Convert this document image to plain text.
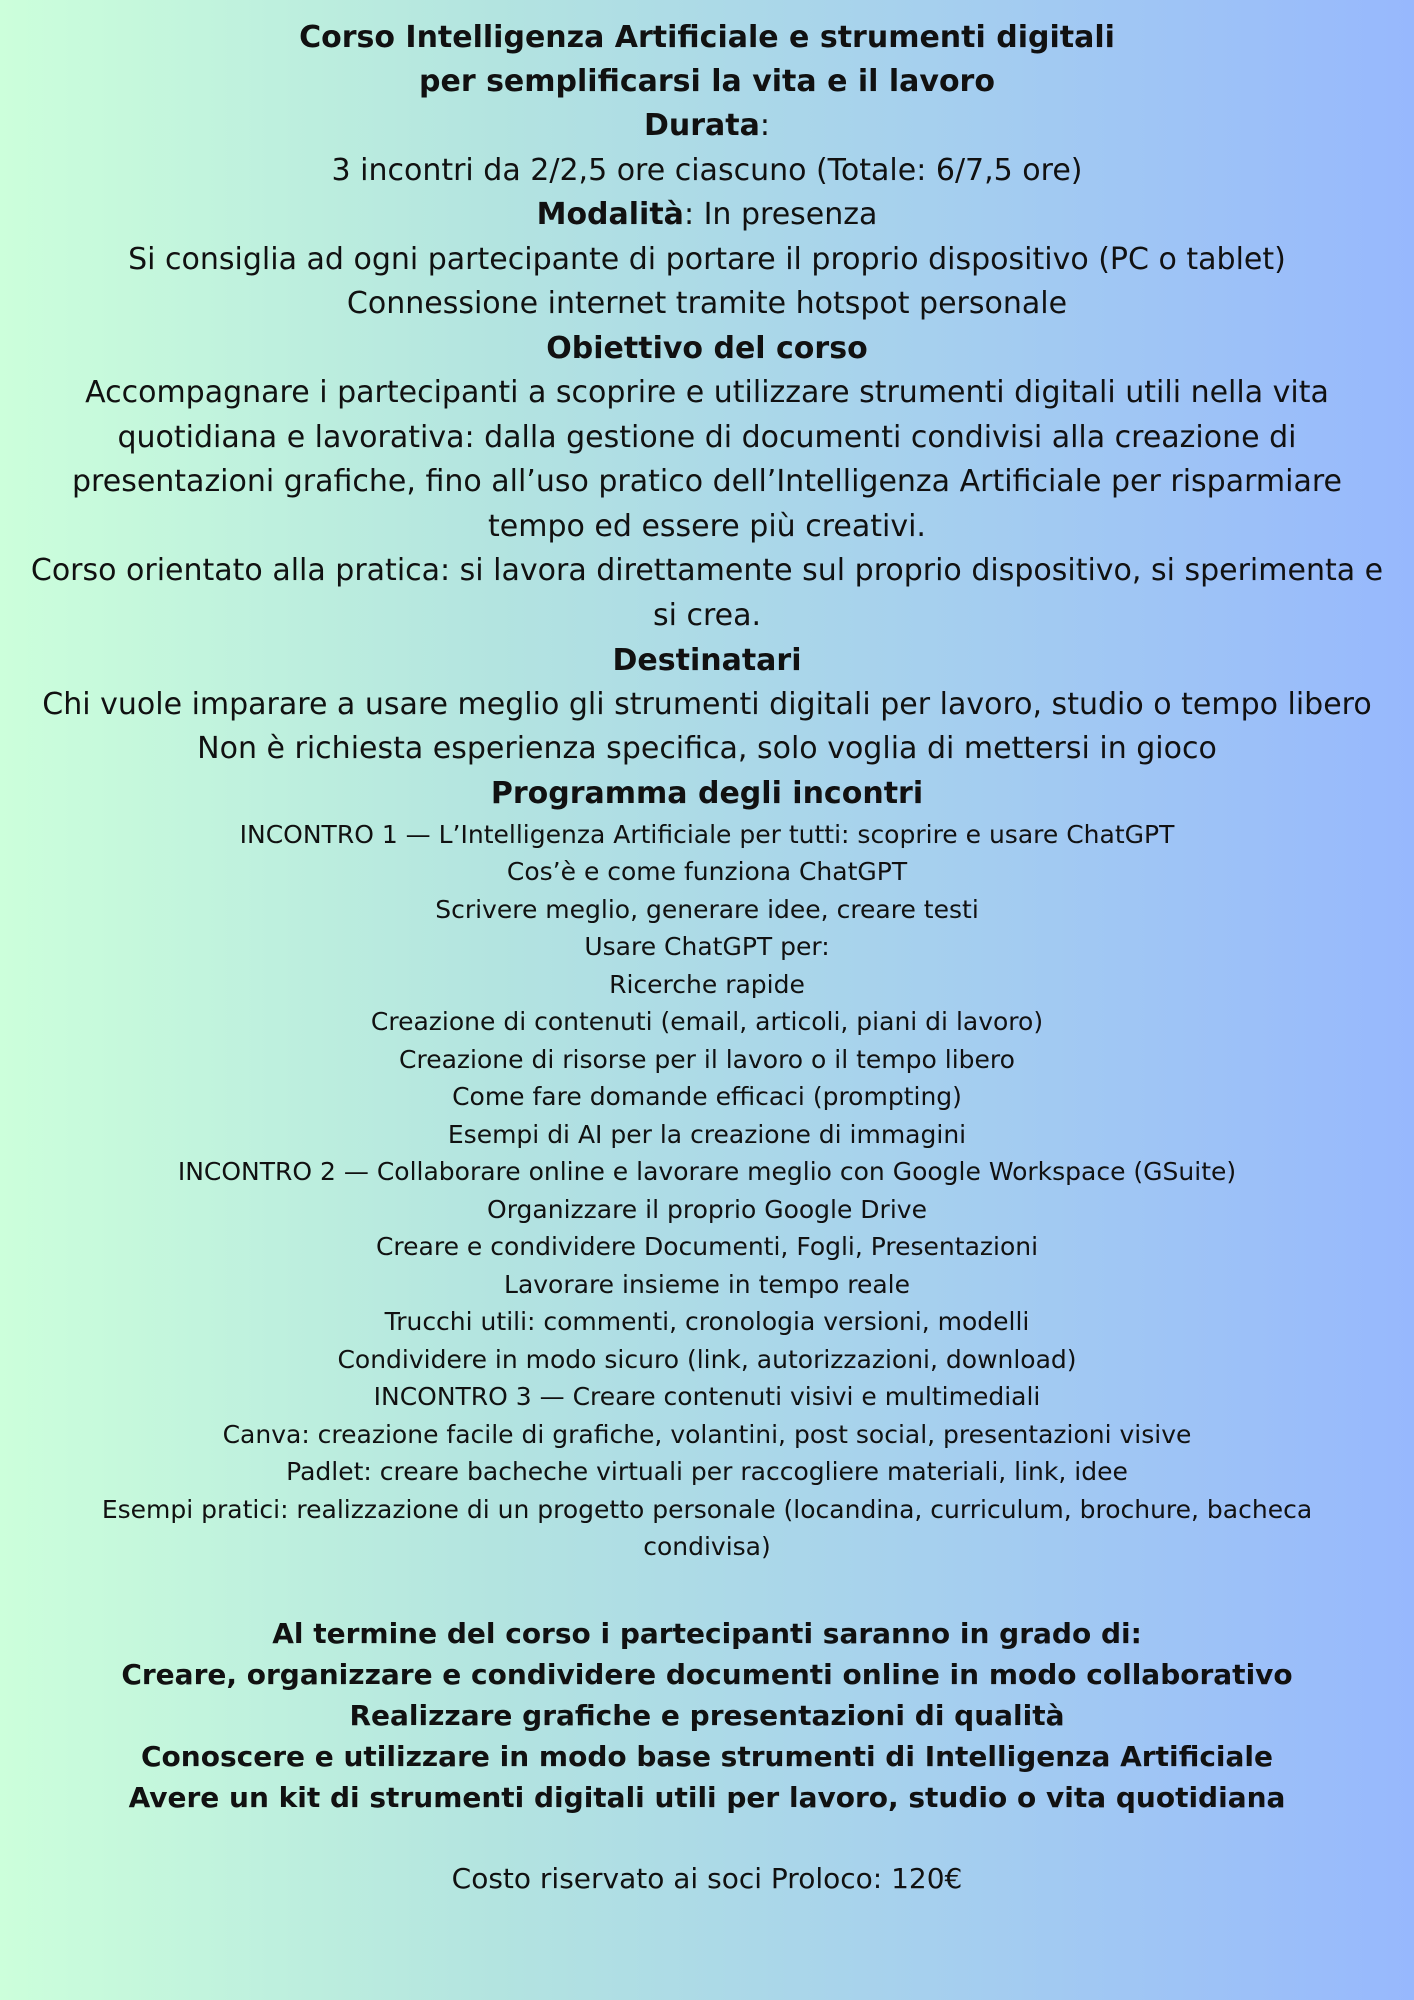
Corso Intelligenza Artificiale e strumenti digitali
per semplificarsi la vita e il lavoro
Durata:
3 incontri da 2/2,5 ore ciascuno (Totale: 6/7,5 ore)
Modalità: In presenza
Si consiglia ad ogni partecipante di portare il proprio dispositivo (PC o tablet)
Connessione internet tramite hotspot personale
Obiettivo del corso
Accompagnare i partecipanti a scoprire e utilizzare strumenti digitali utili nella vita quotidiana e lavorativa: dalla gestione di documenti condivisi alla creazione di presentazioni grafiche, fino all’uso pratico dell’Intelligenza Artificiale per risparmiare tempo ed essere più creativi.
Corso orientato alla pratica: si lavora direttamente sul proprio dispositivo, si sperimenta e si crea.
Destinatari
Chi vuole imparare a usare meglio gli strumenti digitali per lavoro, studio o tempo libero
Non è richiesta esperienza specifica, solo voglia di mettersi in gioco
Programma degli incontri
INCONTRO 1 — L’Intelligenza Artificiale per tutti: scoprire e usare ChatGPT
Cos’è e come funziona ChatGPT
Scrivere meglio, generare idee, creare testi
Usare ChatGPT per:
Ricerche rapide
Creazione di contenuti (email, articoli, piani di lavoro)
Creazione di risorse per il lavoro o il tempo libero
Come fare domande efficaci (prompting)
Esempi di AI per la creazione di immagini
INCONTRO 2 — Collaborare online e lavorare meglio con Google Workspace (GSuite)
Organizzare il proprio Google Drive
Creare e condividere Documenti, Fogli, Presentazioni
Lavorare insieme in tempo reale
Trucchi utili: commenti, cronologia versioni, modelli
Condividere in modo sicuro (link, autorizzazioni, download)
INCONTRO 3 — Creare contenuti visivi e multimediali
Canva: creazione facile di grafiche, volantini, post social, presentazioni visive
Padlet: creare bacheche virtuali per raccogliere materiali, link, idee
Esempi pratici: realizzazione di un progetto personale (locandina, curriculum, brochure, bacheca condivisa)
Al termine del corso i partecipanti saranno in grado di:
Creare, organizzare e condividere documenti online in modo collaborativo
Realizzare grafiche e presentazioni di qualità
Conoscere e utilizzare in modo base strumenti di Intelligenza Artificiale
Avere un kit di strumenti digitali utili per lavoro, studio o vita quotidiana
Costo riservato ai soci Proloco: 120€
